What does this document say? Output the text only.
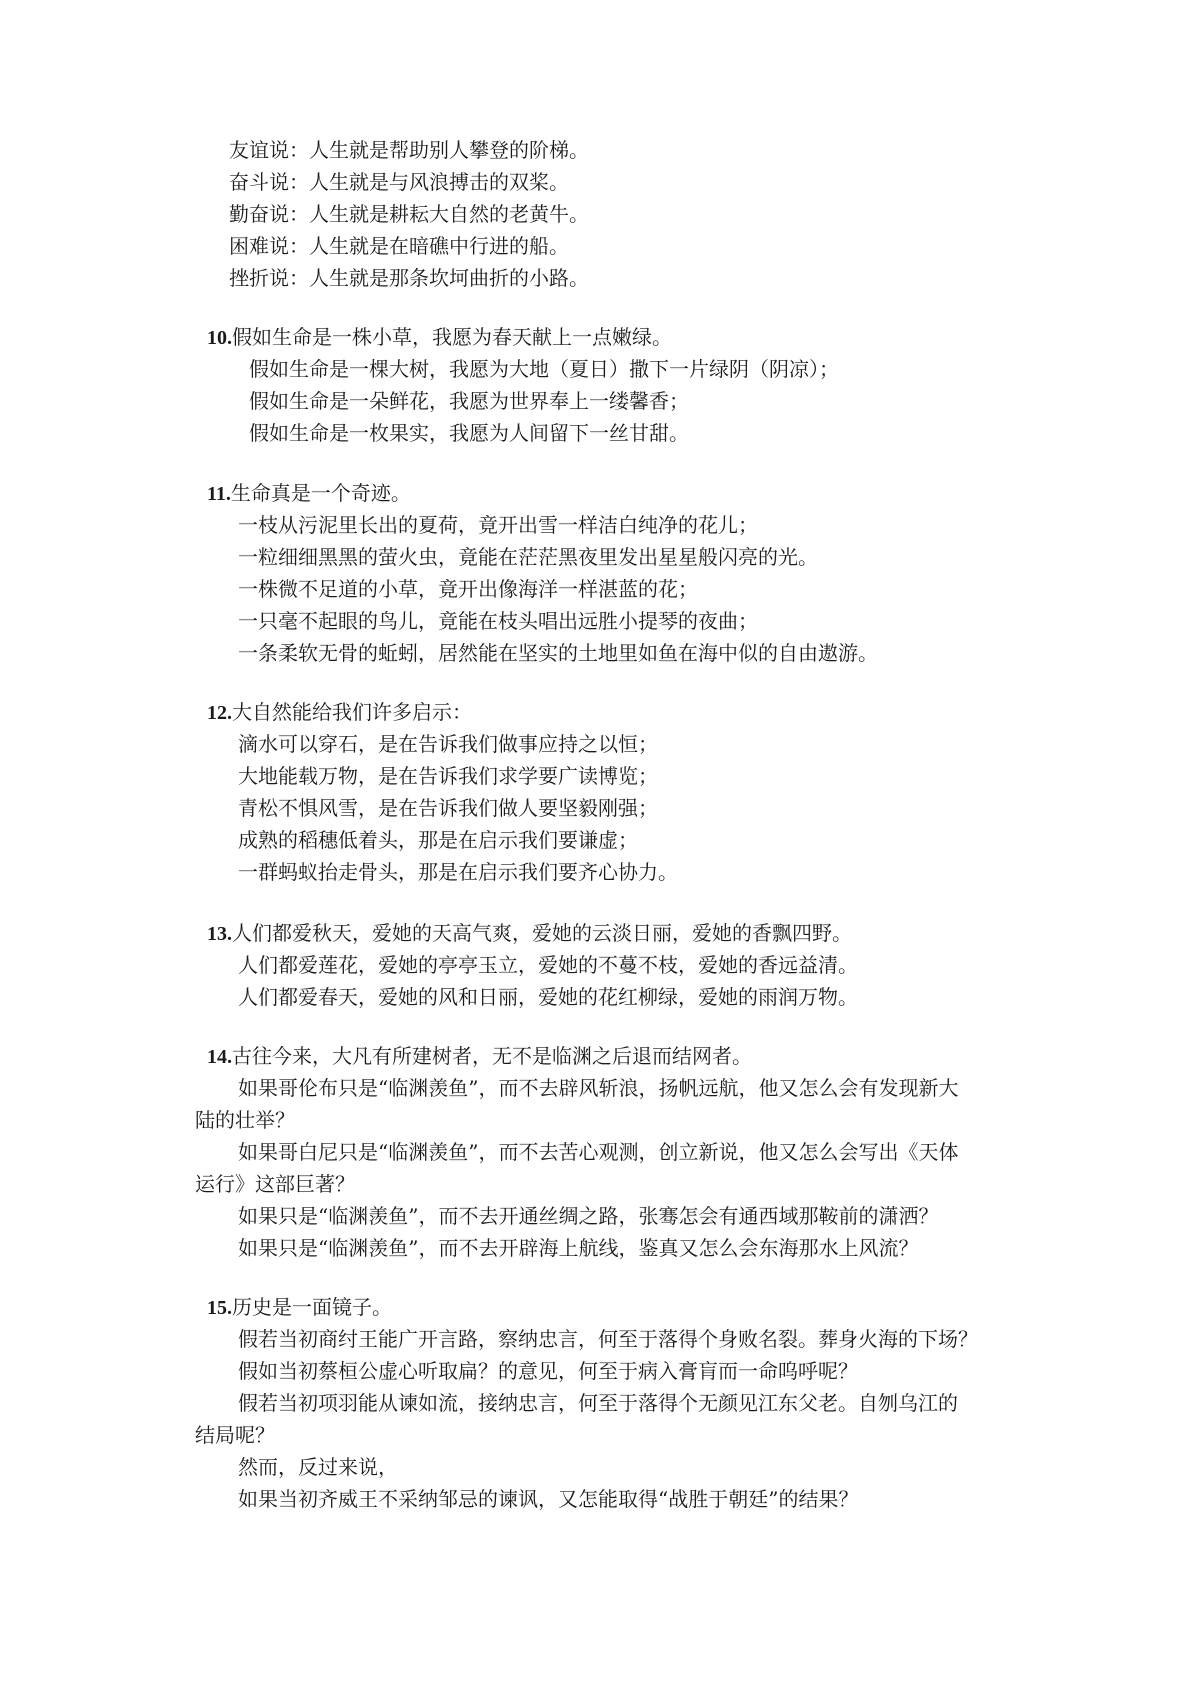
友谊说：人生就是帮助别人攀登的阶梯。
奋斗说：人生就是与风浪搏击的双桨。
勤奋说：人生就是耕耘大自然的老黄牛。
困难说：人生就是在暗礁中行进的船。
挫折说：人生就是那条坎坷曲折的小路。
10.假如生命是一株小草，我愿为春天献上一点嫩绿。
假如生命是一棵大树，我愿为大地（夏日）撒下一片绿阴（阴凉）；
假如生命是一朵鲜花，我愿为世界奉上一缕馨香；
假如生命是一枚果实，我愿为人间留下一丝甘甜。
11.生命真是一个奇迹。
一枝从污泥里长出的夏荷，竟开出雪一样洁白纯净的花儿；
一粒细细黑黑的萤火虫，竟能在茫茫黑夜里发出星星般闪亮的光。
一株微不足道的小草，竟开出像海洋一样湛蓝的花；
一只毫不起眼的鸟儿，竟能在枝头唱出远胜小提琴的夜曲；
一条柔软无骨的蚯蚓，居然能在坚实的土地里如鱼在海中似的自由遨游。
12.大自然能给我们许多启示：
滴水可以穿石，是在告诉我们做事应持之以恒；
大地能载万物，是在告诉我们求学要广读博览；
青松不惧风雪，是在告诉我们做人要坚毅刚强；
成熟的稻穗低着头，那是在启示我们要谦虚；
一群蚂蚁抬走骨头，那是在启示我们要齐心协力。
13.人们都爱秋天，爱她的天高气爽，爱她的云淡日丽，爱她的香飘四野。
人们都爱莲花，爱她的亭亭玉立，爱她的不蔓不枝，爱她的香远益清。
人们都爱春天，爱她的风和日丽，爱她的花红柳绿，爱她的雨润万物。
14.古往今来，大凡有所建树者，无不是临渊之后退而结网者。
如果哥伦布只是“临渊羡鱼”，而不去辟风斩浪，扬帆远航，他又怎么会有发现新大
陆的壮举？
如果哥白尼只是“临渊羡鱼”，而不去苦心观测，创立新说，他又怎么会写出《天体
运行》这部巨著？
如果只是“临渊羡鱼”，而不去开通丝绸之路，张骞怎会有通西域那鞍前的潇洒？
如果只是“临渊羡鱼”，而不去开辟海上航线，鉴真又怎么会东海那水上风流？
15.历史是一面镜子。
假若当初商纣王能广开言路，察纳忠言，何至于落得个身败名裂。葬身火海的下场？
假如当初蔡桓公虚心听取扁？的意见，何至于病入膏肓而一命呜呼呢？
假若当初项羽能从谏如流，接纳忠言，何至于落得个无颜见江东父老。自刎乌江的
结局呢？
然而，反过来说，
如果当初齐威王不采纳邹忌的谏讽，又怎能取得“战胜于朝廷”的结果？
